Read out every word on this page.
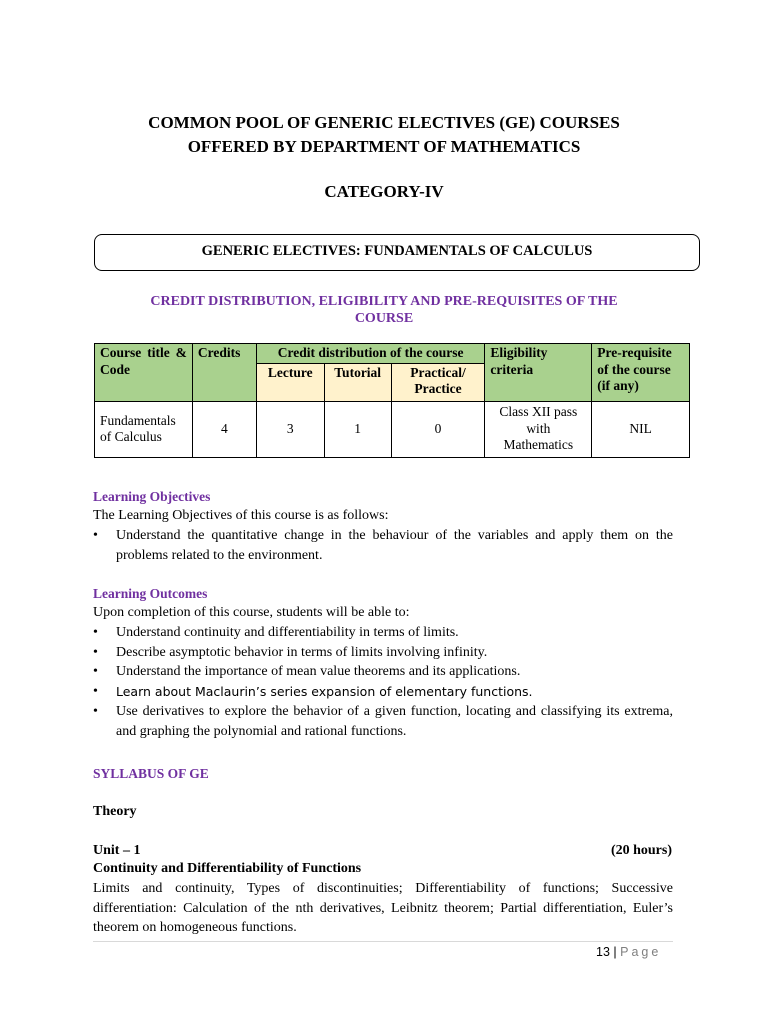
COMMON POOL OF GENERIC ELECTIVES (GE) COURSES
OFFERED BY DEPARTMENT OF MATHEMATICS
CATEGORY-IV
GENERIC ELECTIVES: FUNDAMENTALS OF CALCULUS
CREDIT DISTRIBUTION, ELIGIBILITY AND PRE-REQUISITES OF THE
COURSE
Course title & Code	Credits	Credit distribution of the course			Eligibility criteria	Pre-requisite of the course (if any)
		Lecture	Tutorial	Practical/ Practice		
Fundamentals of Calculus	4	3	1	0	Class XII pass with Mathematics	NIL
Learning Objectives
The Learning Objectives of this course is as follows:
• Understand the quantitative change in the behaviour of the variables and apply them on the problems related to the environment.
Learning Outcomes
Upon completion of this course, students will be able to:
• Understand continuity and differentiability in terms of limits.
• Describe asymptotic behavior in terms of limits involving infinity.
• Understand the importance of mean value theorems and its applications.
• Learn about Maclaurin’s series expansion of elementary functions.
• Use derivatives to explore the behavior of a given function, locating and classifying its extrema, and graphing the polynomial and rational functions.
SYLLABUS OF GE
Theory
Unit – 1	(20 hours)
Continuity and Differentiability of Functions
Limits and continuity, Types of discontinuities; Differentiability of functions; Successive differentiation: Calculation of the nth derivatives, Leibnitz theorem; Partial differentiation, Euler’s theorem on homogeneous functions.
13 | Page
